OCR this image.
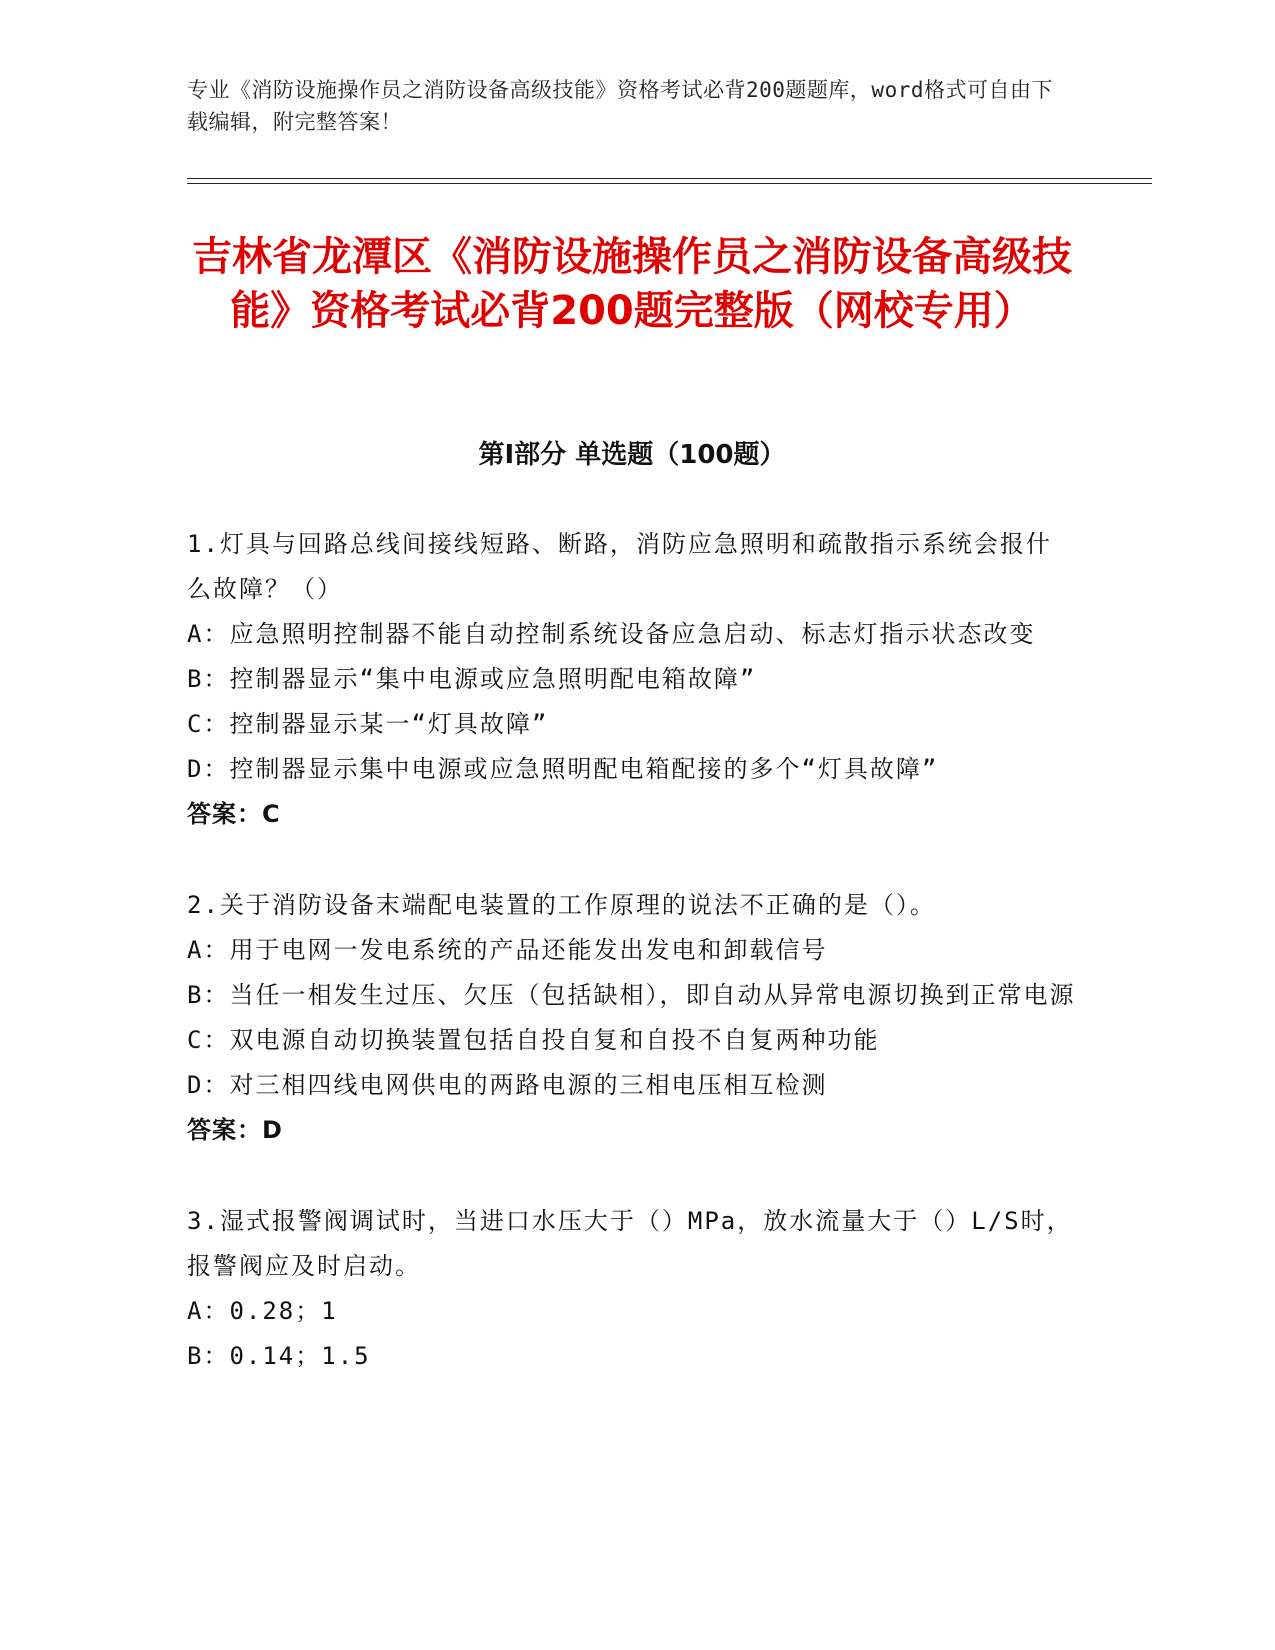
专业《消防设施操作员之消防设备高级技能》资格考试必背200题题库，word格式可自由下载编辑，附完整答案！
吉林省龙潭区《消防设施操作员之消防设备高级技能》资格考试必背200题完整版（网校专用）
第Ⅰ部分 单选题（100题）

1.灯具与回路总线间接线短路、断路，消防应急照明和疏散指示系统会报什么故障？（）

A：应急照明控制器不能自动控制系统设备应急启动、标志灯指示状态改变

B：控制器显示“集中电源或应急照明配电箱故障”

C：控制器显示某一“灯具故障”

D：控制器显示集中电源或应急照明配电箱配接的多个“灯具故障”

答案：C

2.关于消防设备末端配电装置的工作原理的说法不正确的是（）。

A：用于电网一发电系统的产品还能发出发电和卸载信号

B：当任一相发生过压、欠压（包括缺相），即自动从异常电源切换到正常电源

C：双电源自动切换装置包括自投自复和自投不自复两种功能

D：对三相四线电网供电的两路电源的三相电压相互检测

答案：D

3.湿式报警阀调试时，当进口水压大于（）MPa，放水流量大于（）L/S时，报警阀应及时启动。

A：0.28；1

B：0.14；1.5
